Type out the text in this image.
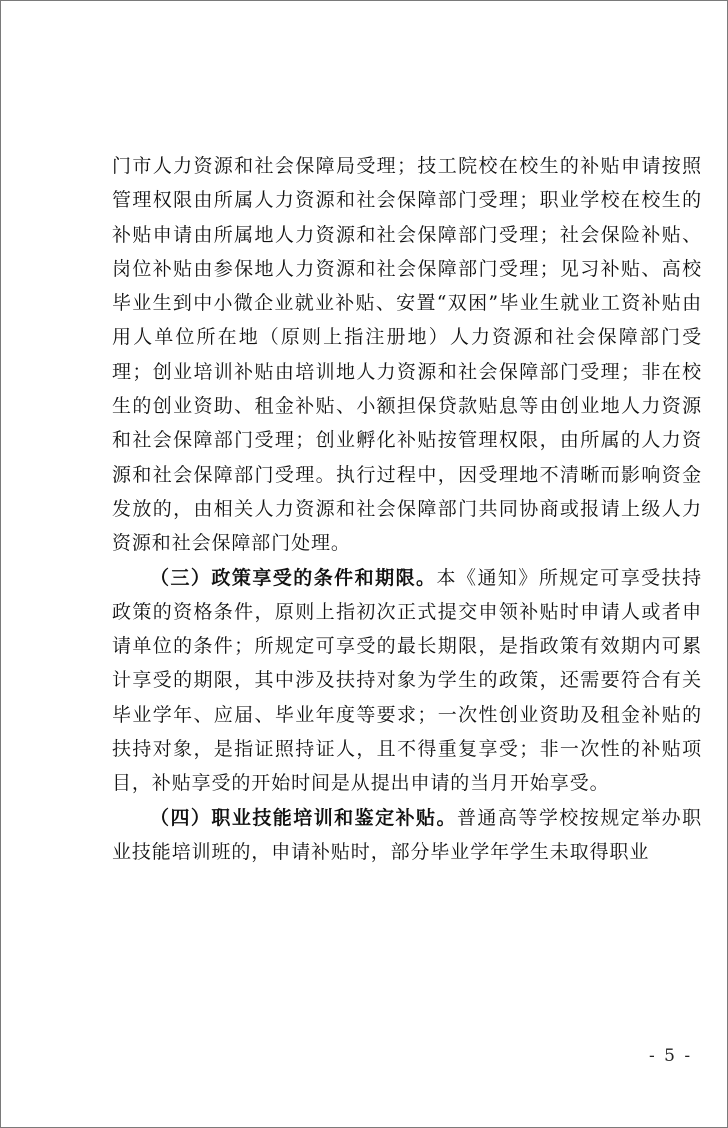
门市人力资源和社会保障局受理；技工院校在校生的补贴申请按照管理权限由所属人力资源和社会保障部门受理；职业学校在校生的补贴申请由所属地人力资源和社会保障部门受理；社会保险补贴、岗位补贴由参保地人力资源和社会保障部门受理；见习补贴、高校毕业生到中小微企业就业补贴、安置“双困”毕业生就业工资补贴由用人单位所在地（原则上指注册地）人力资源和社会保障部门受理；创业培训补贴由培训地人力资源和社会保障部门受理；非在校生的创业资助、租金补贴、小额担保贷款贴息等由创业地人力资源和社会保障部门受理；创业孵化补贴按管理权限，由所属的人力资源和社会保障部门受理。执行过程中，因受理地不清晰而影响资金发放的，由相关人力资源和社会保障部门共同协商或报请上级人力资源和社会保障部门处理。

（三）政策享受的条件和期限。本《通知》所规定可享受扶持政策的资格条件，原则上指初次正式提交申领补贴时申请人或者申请单位的条件；所规定可享受的最长期限，是指政策有效期内可累计享受的期限，其中涉及扶持对象为学生的政策，还需要符合有关毕业学年、应届、毕业年度等要求；一次性创业资助及租金补贴的扶持对象，是指证照持证人，且不得重复享受；非一次性的补贴项目，补贴享受的开始时间是从提出申请的当月开始享受。

（四）职业技能培训和鉴定补贴。普通高等学校按规定举办职业技能培训班的，申请补贴时，部分毕业学年学生未取得职业

- 5 -
